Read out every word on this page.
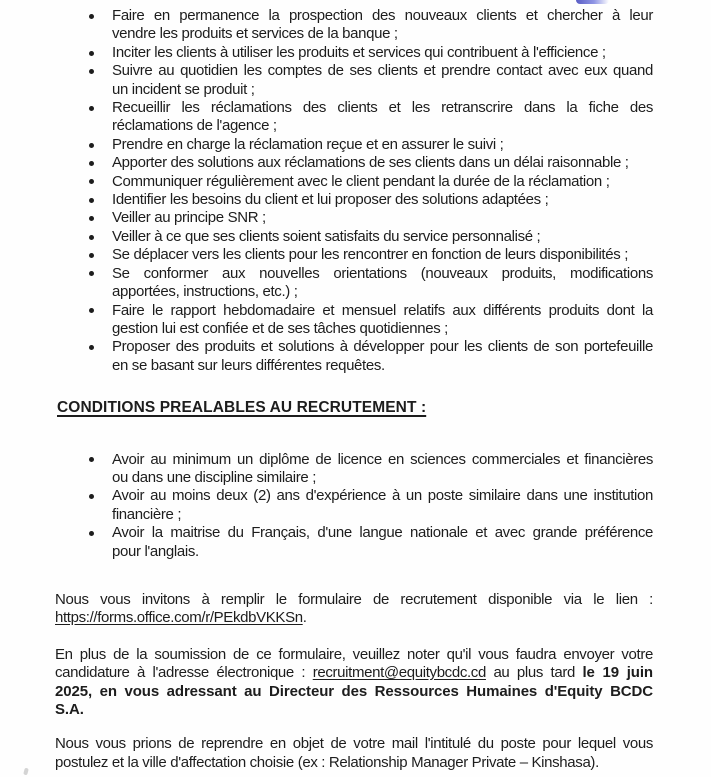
Faire en permanence la prospection des nouveaux clients et chercher à leur
vendre les produits et services de la banque ;
Inciter les clients à utiliser les produits et services qui contribuent à l'efficience ;
Suivre au quotidien les comptes de ses clients et prendre contact avec eux quand
un incident se produit ;
Recueillir les réclamations des clients et les retranscrire dans la fiche des
réclamations de l'agence ;
Prendre en charge la réclamation reçue et en assurer le suivi ;
Apporter des solutions aux réclamations de ses clients dans un délai raisonnable ;
Communiquer régulièrement avec le client pendant la durée de la réclamation ;
Identifier les besoins du client et lui proposer des solutions adaptées ;
Veiller au principe SNR ;
Veiller à ce que ses clients soient satisfaits du service personnalisé ;
Se déplacer vers les clients pour les rencontrer en fonction de leurs disponibilités ;
Se conformer aux nouvelles orientations (nouveaux produits, modifications
apportées, instructions, etc.) ;
Faire le rapport hebdomadaire et mensuel relatifs aux différents produits dont la
gestion lui est confiée et de ses tâches quotidiennes ;
Proposer des produits et solutions à développer pour les clients de son portefeuille
en se basant sur leurs différentes requêtes.
CONDITIONS PREALABLES AU RECRUTEMENT :
Avoir au minimum un diplôme de licence en sciences commerciales et financières
ou dans une discipline similaire ;
Avoir au moins deux (2) ans d'expérience à un poste similaire dans une institution
financière ;
Avoir la maitrise du Français, d'une langue nationale et avec grande préférence
pour l'anglais.
Nous vous invitons à remplir le formulaire de recrutement disponible via le lien :
https://forms.office.com/r/PEkdbVKKSn.
En plus de la soumission de ce formulaire, veuillez noter qu'il vous faudra envoyer votre
candidature à l'adresse électronique : recruitment@equitybcdc.cd au plus tard le 19 juin
2025, en vous adressant au Directeur des Ressources Humaines d'Equity BCDC
S.A.
Nous vous prions de reprendre en objet de votre mail l'intitulé du poste pour lequel vous
postulez et la ville d'affectation choisie (ex : Relationship Manager Private – Kinshasa).
